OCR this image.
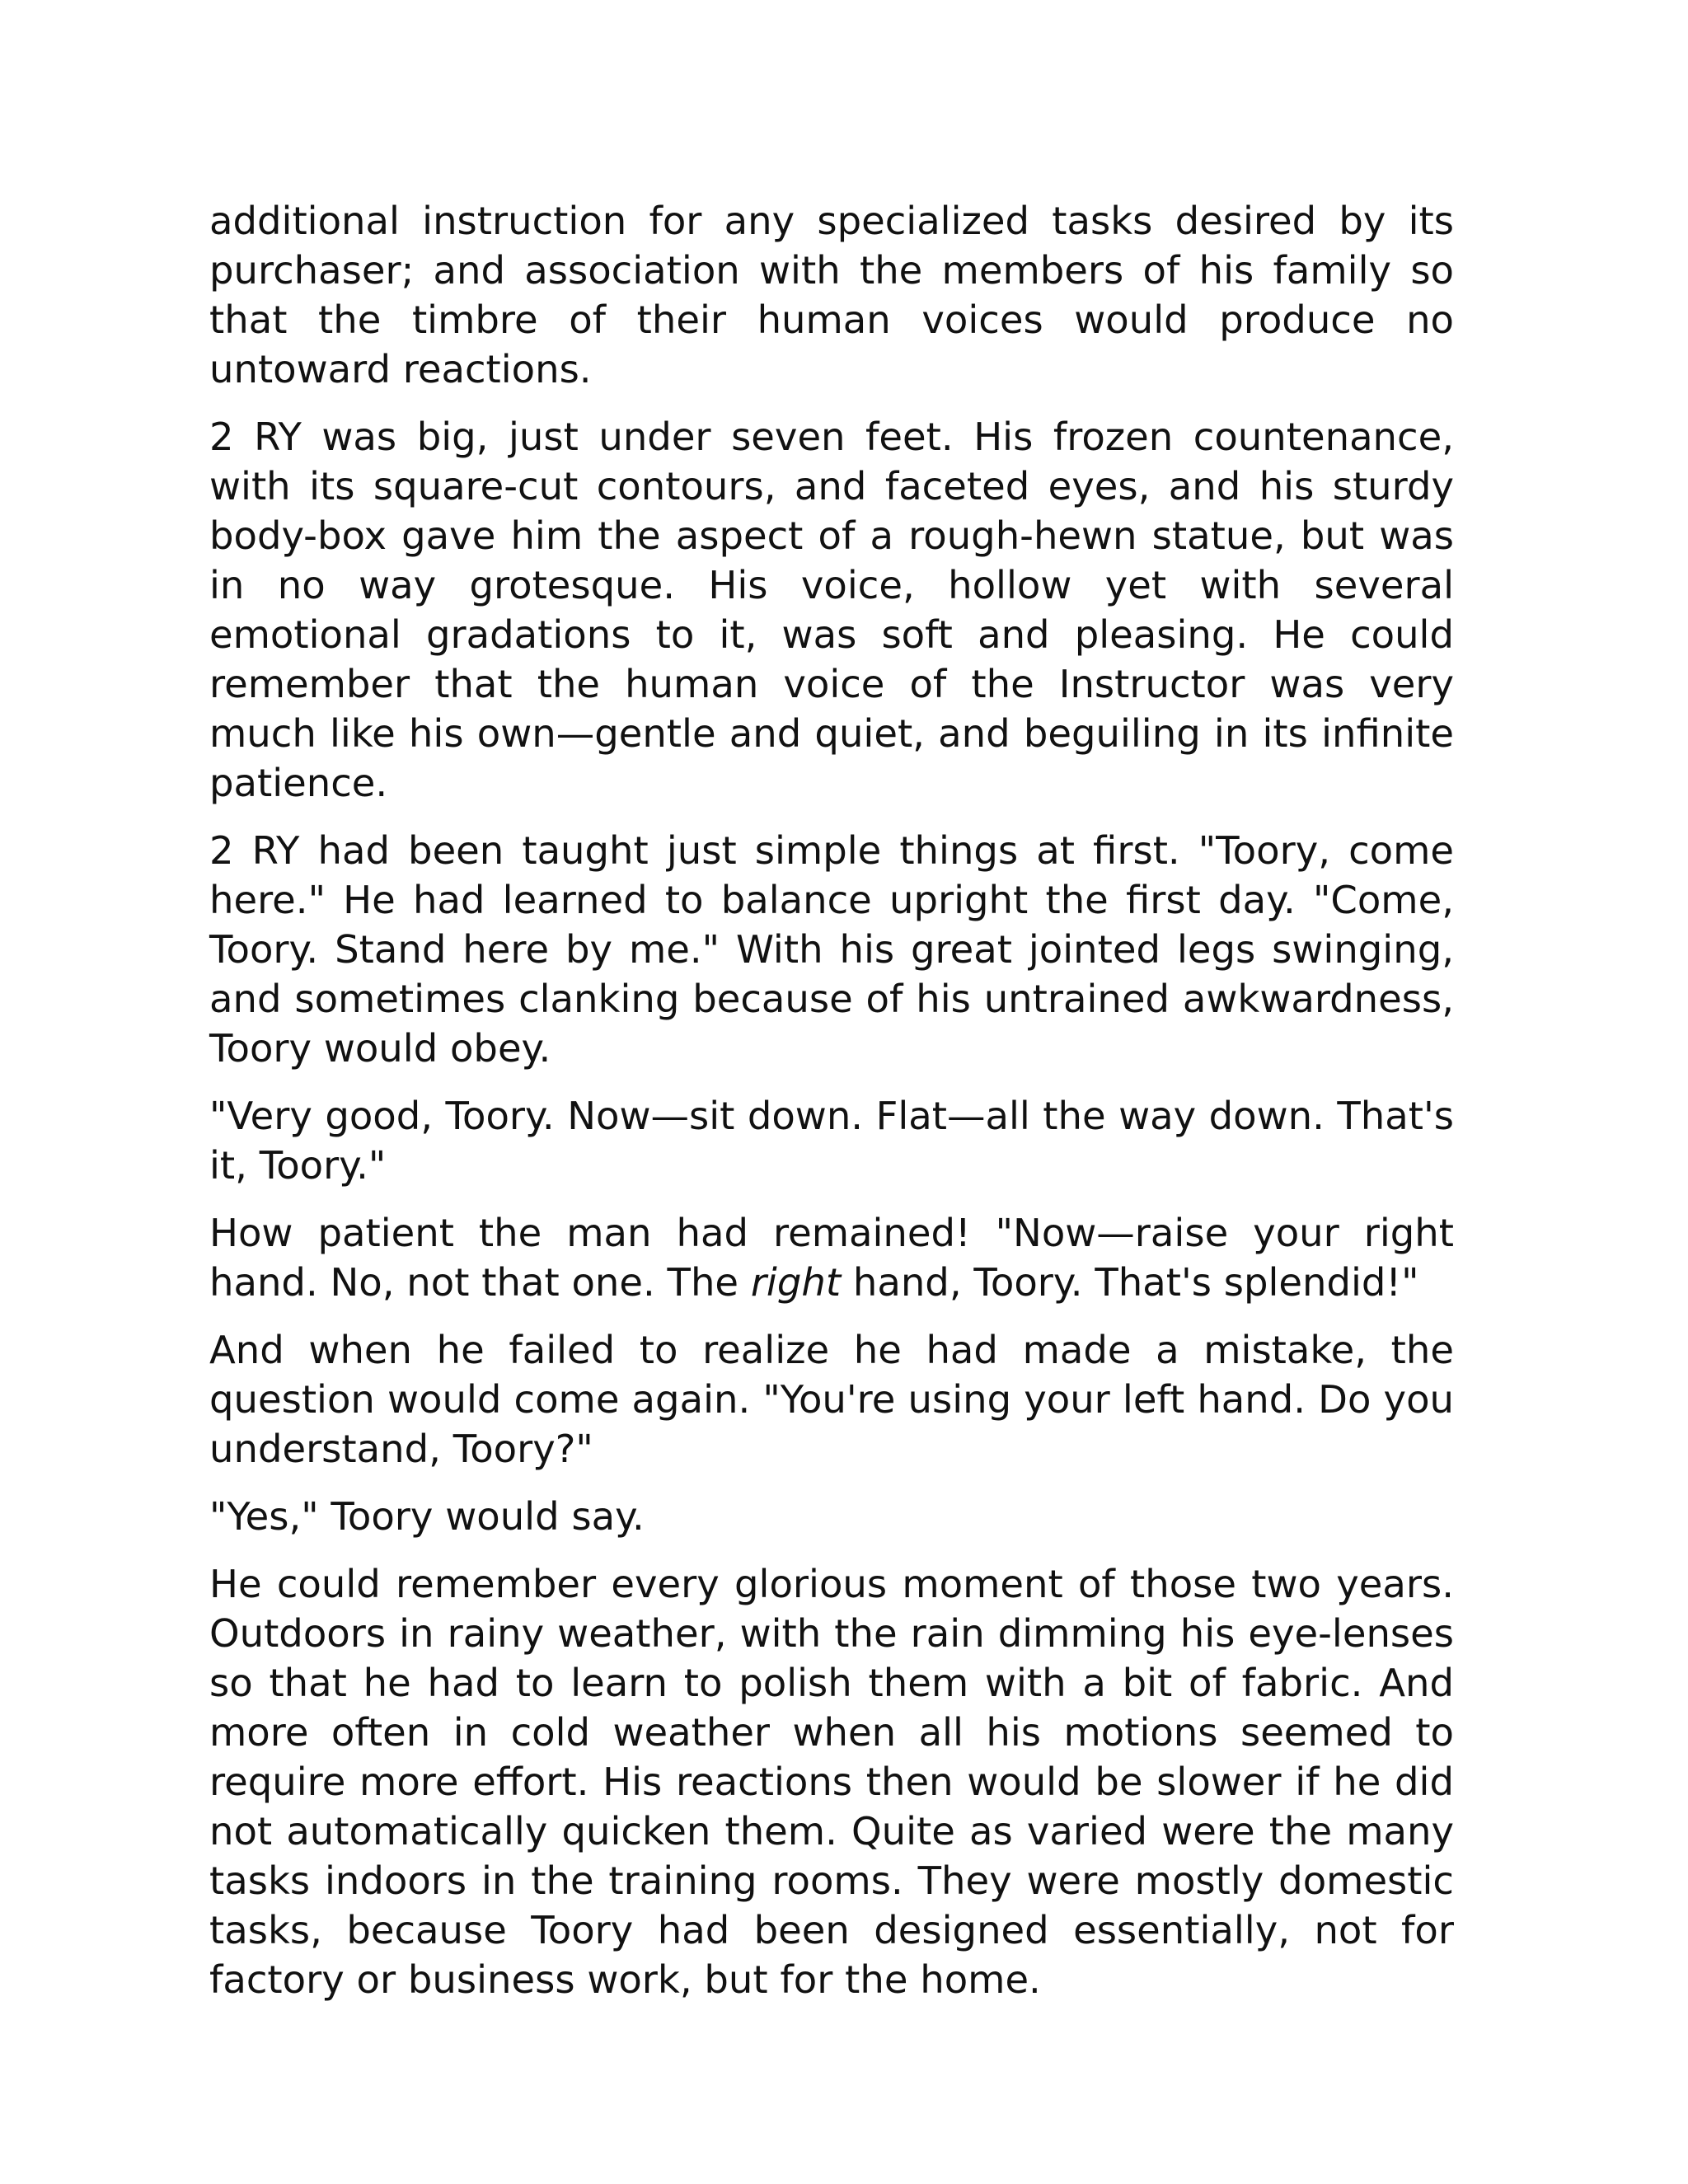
additional instruction for any specialized tasks desired by its purchaser; and association with the members of his family so that the timbre of their human voices would produce no untoward reactions.

2 RY was big, just under seven feet. His frozen countenance, with its square-cut contours, and faceted eyes, and his sturdy body-box gave him the aspect of a rough-hewn statue, but was in no way grotesque. His voice, hollow yet with several emotional gradations to it, was soft and pleasing. He could remember that the human voice of the Instructor was very much like his own—gentle and quiet, and beguiling in its infinite patience.

2 RY had been taught just simple things at first. "Toory, come here." He had learned to balance upright the first day. "Come, Toory. Stand here by me." With his great jointed legs swinging, and sometimes clanking because of his untrained awkwardness, Toory would obey.

"Very good, Toory. Now—sit down. Flat—all the way down. That's it, Toory."

How patient the man had remained! "Now—raise your right hand. No, not that one. The right hand, Toory. That's splendid!"

And when he failed to realize he had made a mistake, the question would come again. "You're using your left hand. Do you understand, Toory?"

"Yes," Toory would say.

He could remember every glorious moment of those two years. Outdoors in rainy weather, with the rain dimming his eye-lenses so that he had to learn to polish them with a bit of fabric. And more often in cold weather when all his motions seemed to require more effort. His reactions then would be slower if he did not automatically quicken them. Quite as varied were the many tasks indoors in the training rooms. They were mostly domestic tasks, because Toory had been designed essentially, not for factory or business work, but for the home.
